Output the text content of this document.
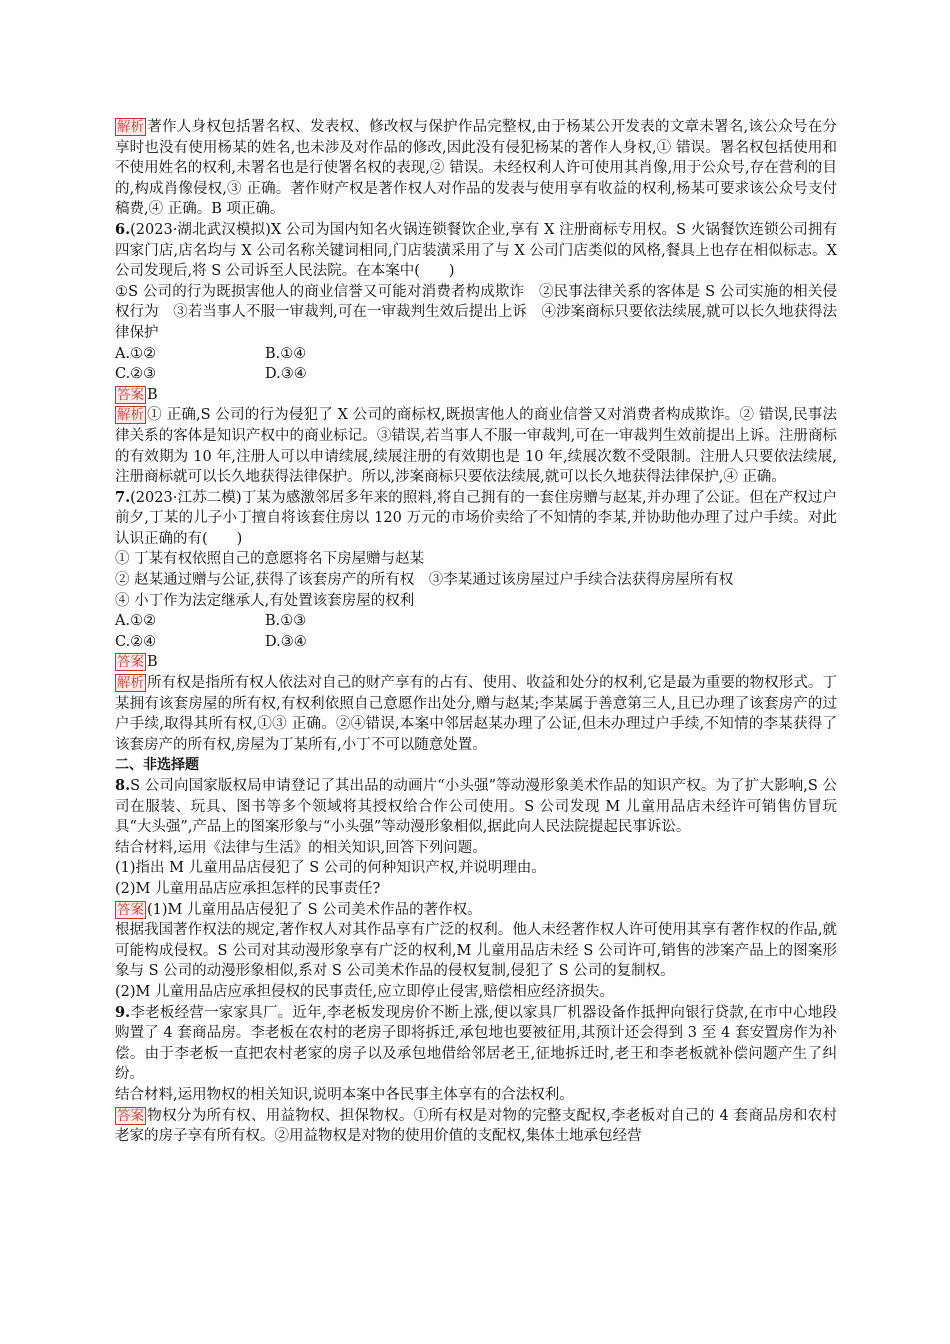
解析 著作人身权包括署名权、发表权、修改权与保护作品完整权,由于杨某公开发表的文章未署名,该公众号在分享时也没有使用杨某的姓名,也未涉及对作品的修改,因此没有侵犯杨某的著作人身权,① 错误。署名权包括使用和不使用姓名的权利,未署名也是行使署名权的表现,② 错误。未经权利人许可使用其肖像,用于公众号,存在营利的目的,构成肖像侵权,③ 正确。著作财产权是著作权人对作品的发表与使用享有收益的权利,杨某可要求该公众号支付稿费,④ 正确。B 项正确。

6.(2023·湖北武汉模拟)X 公司为国内知名火锅连锁餐饮企业,享有 X 注册商标专用权。S 火锅餐饮连锁公司拥有四家门店,店名均与 X 公司名称关键词相同,门店装潢采用了与 X 公司门店类似的风格,餐具上也存在相似标志。X 公司发现后,将 S 公司诉至人民法院。在本案中(　　)

①S 公司的行为既损害他人的商业信誉又可能对消费者构成欺诈　②民事法律关系的客体是 S 公司实施的相关侵权行为　③若当事人不服一审裁判,可在一审裁判生效后提出上诉　④涉案商标只要依法续展,就可以长久地获得法律保护

A.①②	B.①④
C.②③	D.③④

答案 B

解析 ① 正确,S 公司的行为侵犯了 X 公司的商标权,既损害他人的商业信誉又对消费者构成欺诈。② 错误,民事法律关系的客体是知识产权中的商业标记。③错误,若当事人不服一审裁判,可在一审裁判生效前提出上诉。注册商标的有效期为 10 年,注册人可以申请续展,续展注册的有效期也是 10 年,续展次数不受限制。注册人只要依法续展,注册商标就可以长久地获得法律保护。所以,涉案商标只要依法续展,就可以长久地获得法律保护,④ 正确。

7.(2023·江苏二模)丁某为感激邻居多年来的照料,将自己拥有的一套住房赠与赵某,并办理了公证。但在产权过户前夕,丁某的儿子小丁擅自将该套住房以 120 万元的市场价卖给了不知情的李某,并协助他办理了过户手续。对此认识正确的有(　　)

① 丁某有权依照自己的意愿将名下房屋赠与赵某

② 赵某通过赠与公证,获得了该套房产的所有权　③李某通过该房屋过户手续合法获得房屋所有权

④ 小丁作为法定继承人,有处置该套房屋的权利

A.①②	B.①③
C.②④	D.③④

答案 B

解析 所有权是指所有权人依法对自己的财产享有的占有、使用、收益和处分的权利,它是最为重要的物权形式。丁某拥有该套房屋的所有权,有权利依照自己意愿作出处分,赠与赵某;李某属于善意第三人,且已办理了该套房产的过户手续,取得其所有权,①③ 正确。②④错误,本案中邻居赵某办理了公证,但未办理过户手续,不知情的李某获得了该套房产的所有权,房屋为丁某所有,小丁不可以随意处置。

二、非选择题

8.S 公司向国家版权局申请登记了其出品的动画片“小头强”等动漫形象美术作品的知识产权。为了扩大影响,S 公司在服装、玩具、图书等多个领域将其授权给合作公司使用。S 公司发现 M 儿童用品店未经许可销售仿冒玩具“大头强”,产品上的图案形象与“小头强”等动漫形象相似,据此向人民法院提起民事诉讼。

结合材料,运用《法律与生活》的相关知识,回答下列问题。

(1)指出 M 儿童用品店侵犯了 S 公司的何种知识产权,并说明理由。

(2)M 儿童用品店应承担怎样的民事责任?

答案 (1)M 儿童用品店侵犯了 S 公司美术作品的著作权。

根据我国著作权法的规定,著作权人对其作品享有广泛的权利。他人未经著作权人许可使用其享有著作权的作品,就可能构成侵权。S 公司对其动漫形象享有广泛的权利,M 儿童用品店未经 S 公司许可,销售的涉案产品上的图案形象与 S 公司的动漫形象相似,系对 S 公司美术作品的侵权复制,侵犯了 S 公司的复制权。

(2)M 儿童用品店应承担侵权的民事责任,应立即停止侵害,赔偿相应经济损失。

9.李老板经营一家家具厂。近年,李老板发现房价不断上涨,便以家具厂机器设备作抵押向银行贷款,在市中心地段购置了 4 套商品房。李老板在农村的老房子即将拆迁,承包地也要被征用,其预计还会得到 3 至 4 套安置房作为补偿。由于李老板一直把农村老家的房子以及承包地借给邻居老王,征地拆迁时,老王和李老板就补偿问题产生了纠纷。

结合材料,运用物权的相关知识,说明本案中各民事主体享有的合法权利。

答案 物权分为所有权、用益物权、担保物权。①所有权是对物的完整支配权,李老板对自己的 4 套商品房和农村老家的房子享有所有权。②用益物权是对物的使用价值的支配权,集体土地承包经营
